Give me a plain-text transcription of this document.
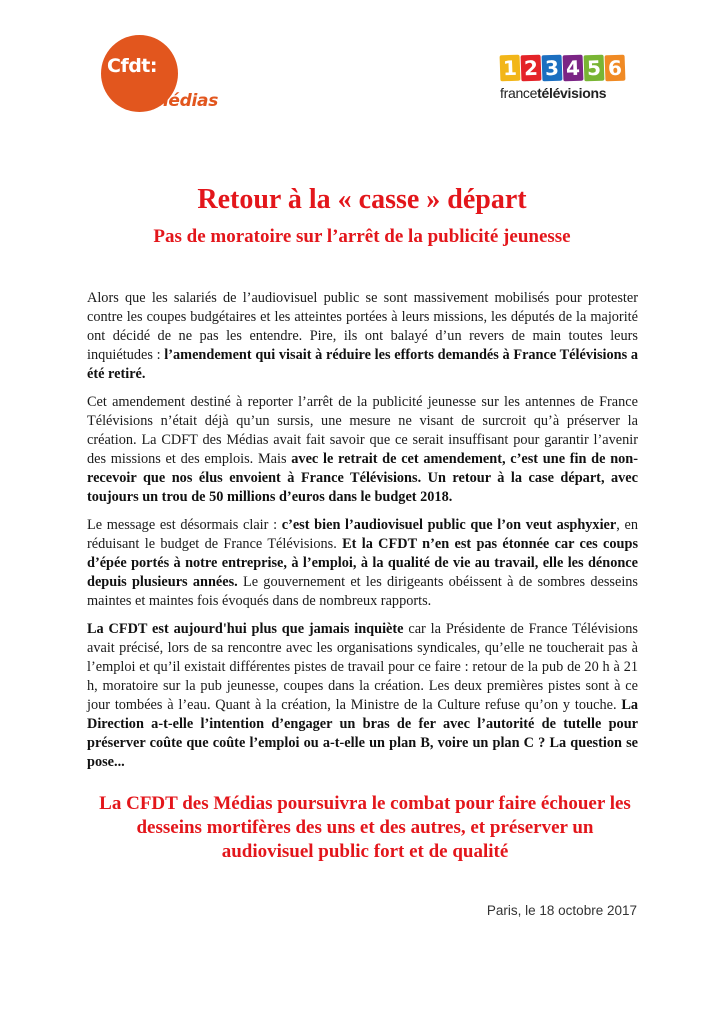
Cfdt:
médias
1 2 3 4 5 6
francetélévisions
Retour à la « casse » départ
Pas de moratoire sur l’arrêt de la publicité jeunesse

Alors que les salariés de l’audiovisuel public se sont massivement mobilisés pour protester contre les coupes budgétaires et les atteintes portées à leurs missions, les députés de la majorité ont décidé de ne pas les entendre. Pire, ils ont balayé d’un revers de main toutes leurs inquiétudes : l’amendement qui visait à réduire les efforts demandés à France Télévisions a été retiré.

Cet amendement destiné à reporter l’arrêt de la publicité jeunesse sur les antennes de France Télévisions n’était déjà qu’un sursis, une mesure ne visant de surcroit qu’à préserver la création. La CDFT des Médias avait fait savoir que ce serait insuffisant pour garantir l’avenir des missions et des emplois. Mais avec le retrait de cet amendement, c’est une fin de non-recevoir que nos élus envoient à France Télévisions. Un retour à la case départ, avec toujours un trou de 50 millions d’euros dans le budget 2018.

Le message est désormais clair : c’est bien l’audiovisuel public que l’on veut asphyxier, en réduisant le budget de France Télévisions. Et la CFDT n’en est pas étonnée car ces coups d’épée portés à notre entreprise, à l’emploi, à la qualité de vie au travail, elle les dénonce depuis plusieurs années. Le gouvernement et les dirigeants obéissent à de sombres desseins maintes et maintes fois évoqués dans de nombreux rapports.

La CFDT est aujourd'hui plus que jamais inquiète car la Présidente de France Télévisions avait précisé, lors de sa rencontre avec les organisations syndicales, qu’elle ne toucherait pas à l’emploi et qu’il existait différentes pistes de travail pour ce faire : retour de la pub de 20 h à 21 h, moratoire sur la pub jeunesse, coupes dans la création. Les deux premières pistes sont à ce jour tombées à l’eau. Quant à la création, la Ministre de la Culture refuse qu’on y touche. La Direction a-t-elle l’intention d’engager un bras de fer avec l’autorité de tutelle pour préserver coûte que coûte l’emploi ou a-t-elle un plan B, voire un plan C ? La question se pose...

La CFDT des Médias poursuivra le combat pour faire échouer les desseins mortifères des uns et des autres, et préserver un audiovisuel public fort et de qualité
Paris, le 18 octobre 2017
